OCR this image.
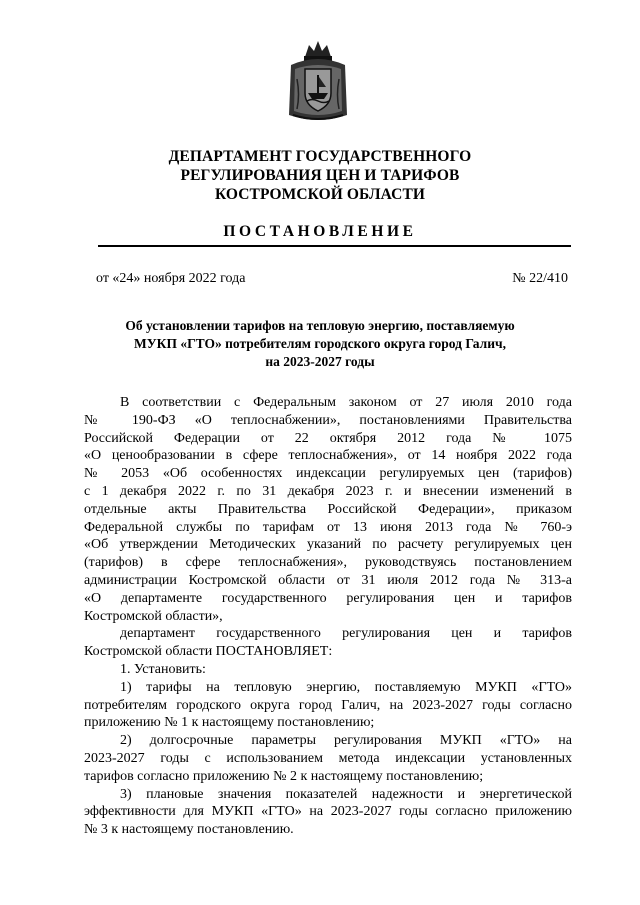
ДЕПАРТАМЕНТ ГОСУДАРСТВЕННОГО
РЕГУЛИРОВАНИЯ ЦЕН И ТАРИФОВ
КОСТРОМСКОЙ ОБЛАСТИ
ПОСТАНОВЛЕНИЕ
от «24» ноября 2022 года	№ 22/410
Об установлении тарифов на тепловую энергию, поставляемую
МУКП «ГТО» потребителям городского округа город Галич,
на 2023-2027 годы
В соответствии с Федеральным законом от 27 июля 2010 года
№ 190-ФЗ «О теплоснабжении», постановлениями Правительства
Российской Федерации от 22 октября 2012 года № 1075
«О ценообразовании в сфере теплоснабжения», от 14 ноября 2022 года
№ 2053 «Об особенностях индексации регулируемых цен (тарифов)
с 1 декабря 2022 г. по 31 декабря 2023 г. и внесении изменений в
отдельные акты Правительства Российской Федерации», приказом
Федеральной службы по тарифам от 13 июня 2013 года № 760-э
«Об утверждении Методических указаний по расчету регулируемых цен
(тарифов) в сфере теплоснабжения», руководствуясь постановлением
администрации Костромской области от 31 июля 2012 года № 313-а
«О департаменте государственного регулирования цен и тарифов
Костромской области»,
департамент государственного регулирования цен и тарифов
Костромской области ПОСТАНОВЛЯЕТ:
1. Установить:
1) тарифы на тепловую энергию, поставляемую МУКП «ГТО»
потребителям городского округа город Галич, на 2023-2027 годы согласно
приложению № 1 к настоящему постановлению;
2) долгосрочные параметры регулирования МУКП «ГТО» на
2023-2027 годы с использованием метода индексации установленных
тарифов согласно приложению № 2 к настоящему постановлению;
3) плановые значения показателей надежности и энергетической
эффективности для МУКП «ГТО» на 2023-2027 годы согласно приложению
№ 3 к настоящему постановлению.
